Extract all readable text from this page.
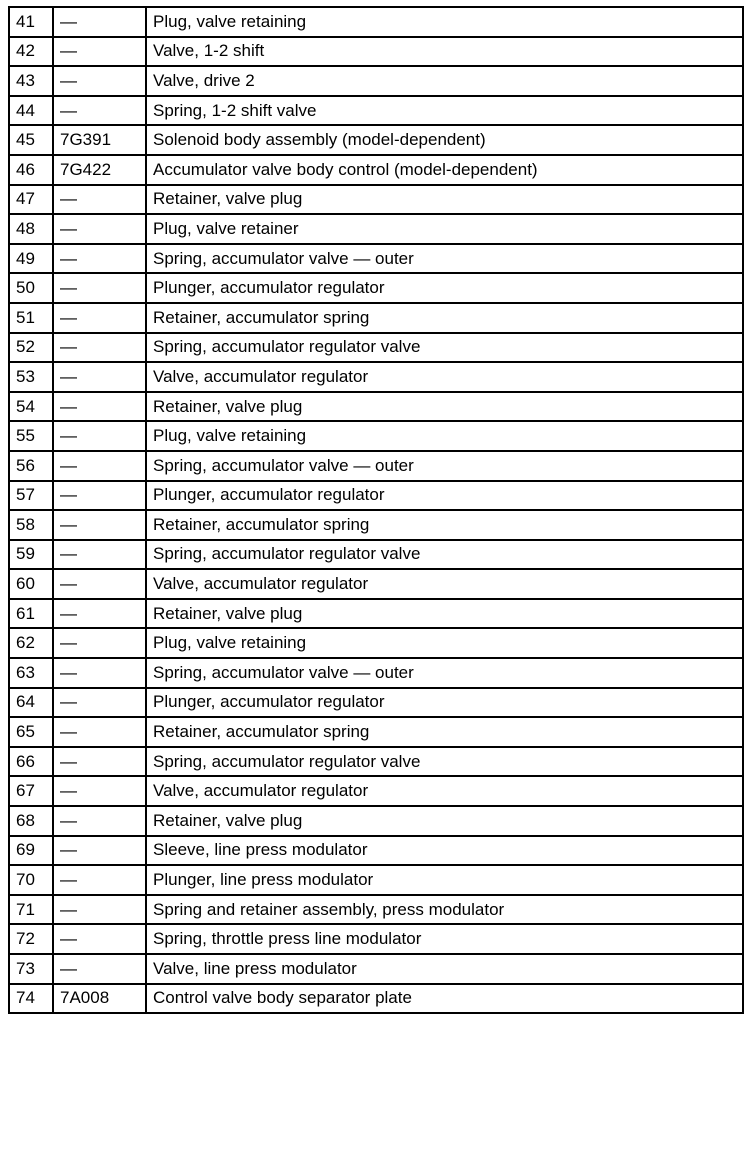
41	—	Plug, valve retaining
42	—	Valve, 1-2 shift
43	—	Valve, drive 2
44	—	Spring, 1-2 shift valve
45	7G391	Solenoid body assembly (model-dependent)
46	7G422	Accumulator valve body control (model-dependent)
47	—	Retainer, valve plug
48	—	Plug, valve retainer
49	—	Spring, accumulator valve — outer
50	—	Plunger, accumulator regulator
51	—	Retainer, accumulator spring
52	—	Spring, accumulator regulator valve
53	—	Valve, accumulator regulator
54	—	Retainer, valve plug
55	—	Plug, valve retaining
56	—	Spring, accumulator valve — outer
57	—	Plunger, accumulator regulator
58	—	Retainer, accumulator spring
59	—	Spring, accumulator regulator valve
60	—	Valve, accumulator regulator
61	—	Retainer, valve plug
62	—	Plug, valve retaining
63	—	Spring, accumulator valve — outer
64	—	Plunger, accumulator regulator
65	—	Retainer, accumulator spring
66	—	Spring, accumulator regulator valve
67	—	Valve, accumulator regulator
68	—	Retainer, valve plug
69	—	Sleeve, line press modulator
70	—	Plunger, line press modulator
71	—	Spring and retainer assembly, press modulator
72	—	Spring, throttle press line modulator
73	—	Valve, line press modulator
74	7A008	Control valve body separator plate
